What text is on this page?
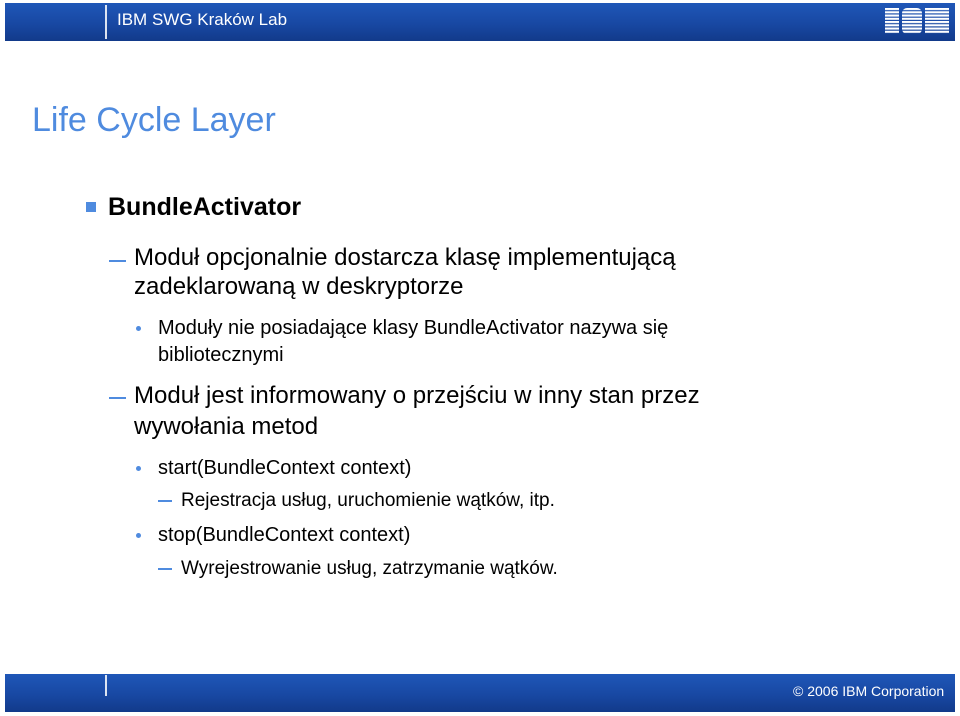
IBM SWG Kraków Lab
Life Cycle Layer
BundleActivator
Moduł opcjonalnie dostarcza klasę implementującą
zadeklarowaną w deskryptorze
Moduły nie posiadające klasy BundleActivator nazywa się
bibliotecznymi
Moduł jest informowany o przejściu w inny stan przez
wywołania metod
start(BundleContext context)
Rejestracja usług, uruchomienie wątków, itp.
stop(BundleContext context)
Wyrejestrowanie usług, zatrzymanie wątków.
© 2006 IBM Corporation
